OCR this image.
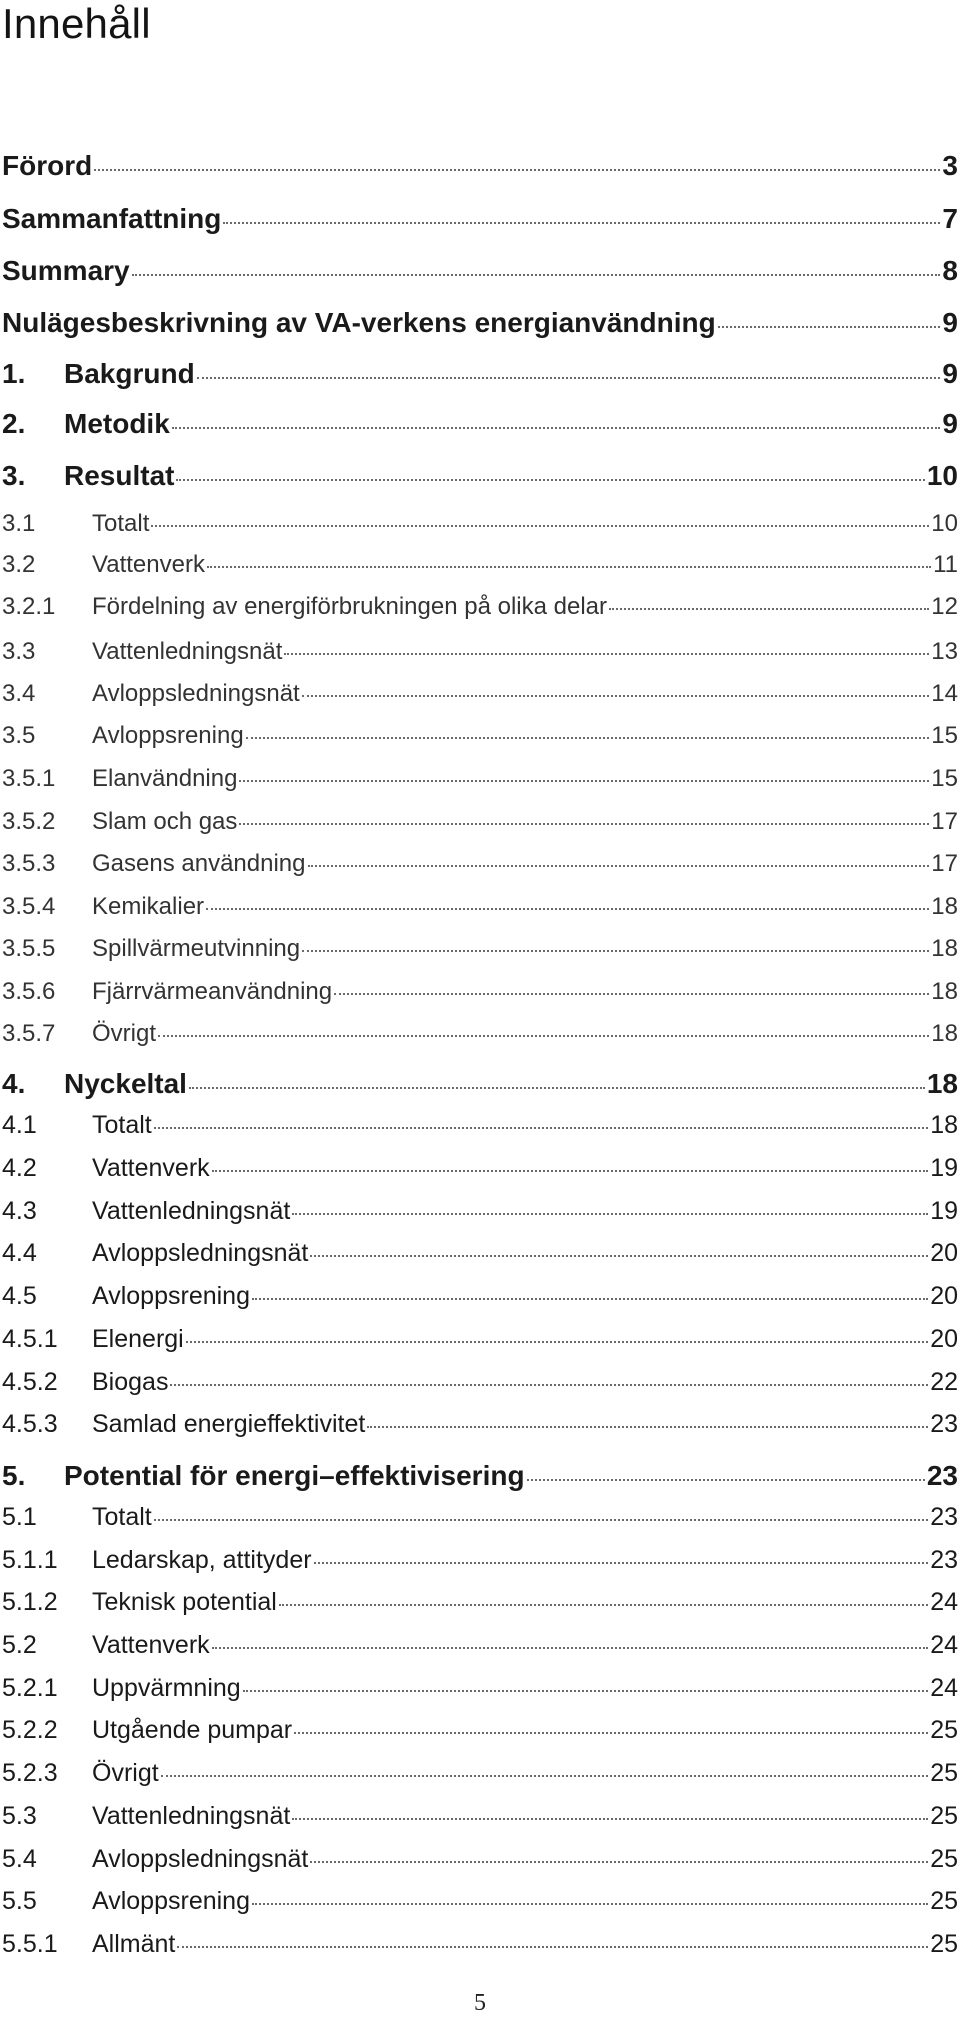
Innehåll
Förord	3
Sammanfattning	7
Summary	8
Nulägesbeskrivning av VA-verkens energianvändning	9
1.	Bakgrund	9
2.	Metodik	9
3.	Resultat	10
3.1	Totalt	10
3.2	Vattenverk	11
3.2.1	Fördelning av energiförbrukningen på olika delar	12
3.3	Vattenledningsnät	13
3.4	Avloppsledningsnät	14
3.5	Avloppsrening	15
3.5.1	Elanvändning	15
3.5.2	Slam och gas	17
3.5.3	Gasens användning	17
3.5.4	Kemikalier	18
3.5.5	Spillvärmeutvinning	18
3.5.6	Fjärrvärmeanvändning	18
3.5.7	Övrigt	18
4.	Nyckeltal	18
4.1	Totalt	18
4.2	Vattenverk	19
4.3	Vattenledningsnät	19
4.4	Avloppsledningsnät	20
4.5	Avloppsrening	20
4.5.1	Elenergi	20
4.5.2	Biogas	22
4.5.3	Samlad energieffektivitet	23
5.	Potential för energi–effektivisering	23
5.1	Totalt	23
5.1.1	Ledarskap, attityder	23
5.1.2	Teknisk potential	24
5.2	Vattenverk	24
5.2.1	Uppvärmning	24
5.2.2	Utgående pumpar	25
5.2.3	Övrigt	25
5.3	Vattenledningsnät	25
5.4	Avloppsledningsnät	25
5.5	Avloppsrening	25
5.5.1	Allmänt	25
5
